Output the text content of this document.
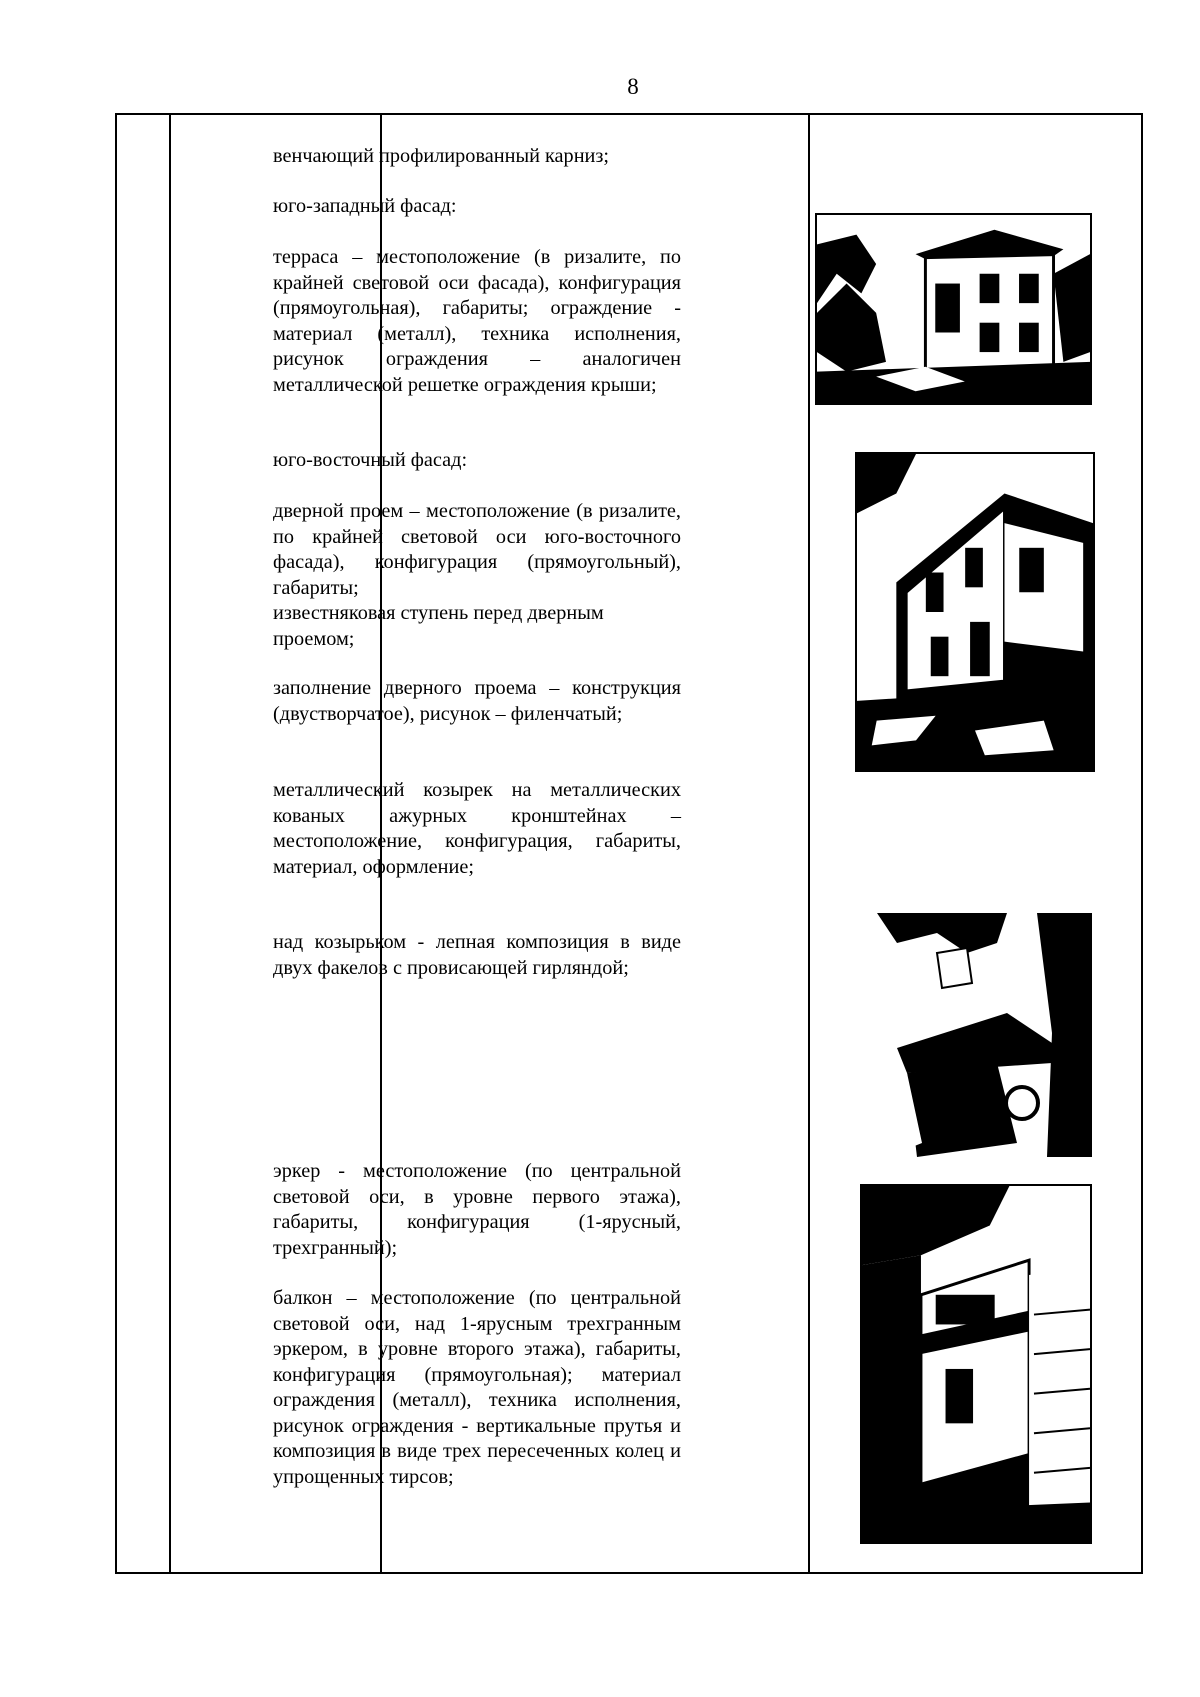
8

венчающий профилированный карниз;

юго-западный фасад:

терраса – местоположение (в ризалите, по крайней световой оси фасада), конфигурация (прямоугольная), габариты; ограждение - материал (металл), техника исполнения, рисунок ограждения – аналогичен металлической решетке ограждения крыши;

юго-восточный фасад:

дверной проем – местоположение (в ризалите, по крайней световой оси юго-восточного фасада), конфигурация (прямоугольный), габариты;

известняковая ступень перед дверным проемом;

заполнение дверного проема – конструкция (двустворчатое), рисунок – филенчатый;

металлический козырек на металлических кованых ажурных кронштейнах – местоположение, конфигурация, габариты, материал, оформление;

над козырьком - лепная композиция в виде двух факелов с провисающей гирляндой;

эркер - местоположение (по центральной световой оси, в уровне первого этажа), габариты, конфигурация (1-ярусный, трехгранный);

балкон – местоположение (по центральной световой оси, над 1-ярусным трехгранным эркером, в уровне второго этажа), габариты, конфигурация (прямоугольная); материал ограждения (металл), техника исполнения, рисунок ограждения - вертикальные прутья и композиция в виде трех пересеченных колец и упрощенных тирсов;
